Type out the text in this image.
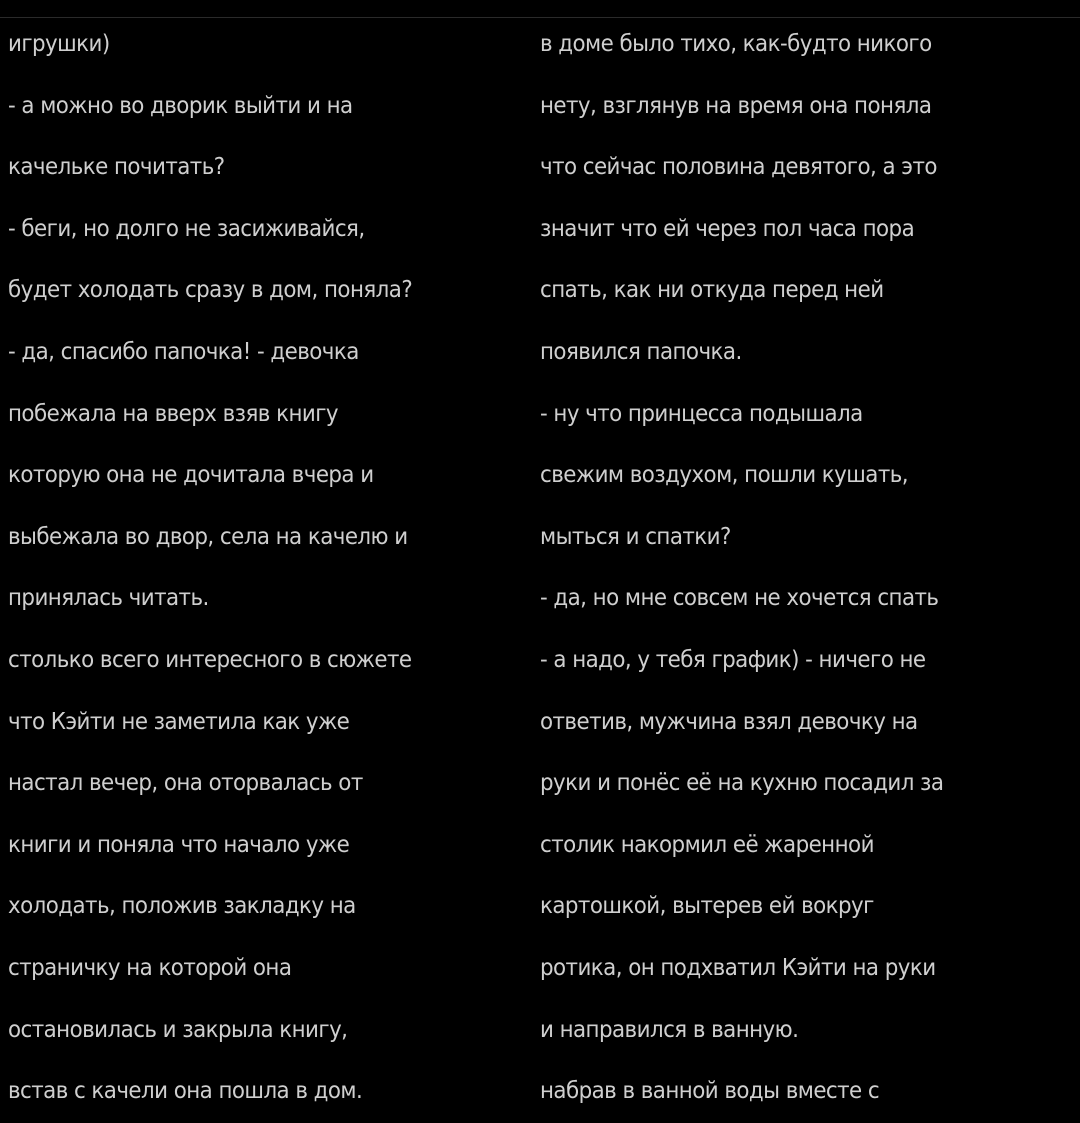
игрушки)
- а можно во дворик выйти и на
качельке почитать?
- беги, но долго не засиживайся,
будет холодать сразу в дом, поняла?
- да, спасибо папочка! - девочка
побежала на вверх взяв книгу
которую она не дочитала вчера и
выбежала во двор, села на качелю и
принялась читать.
столько всего интересного в сюжете
что Кэйти не заметила как уже
настал вечер, она оторвалась от
книги и поняла что начало уже
холодать, положив закладку на
страничку на которой она
остановилась и закрыла книгу,
встав с качели она пошла в дом.
в доме было тихо, как-будто никого
нету, взглянув на время она поняла
что сейчас половина девятого, а это
значит что ей через пол часа пора
спать, как ни откуда перед ней
появился папочка.
- ну что принцесса подышала
свежим воздухом, пошли кушать,
мыться и спатки?
- да, но мне совсем не хочется спать
- а надо, у тебя график) - ничего не
ответив, мужчина взял девочку на
руки и понёс её на кухню посадил за
столик накормил её жаренной
картошкой, вытерев ей вокруг
ротика, он подхватил Кэйти на руки
и направился в ванную.
набрав в ванной воды вместе с
